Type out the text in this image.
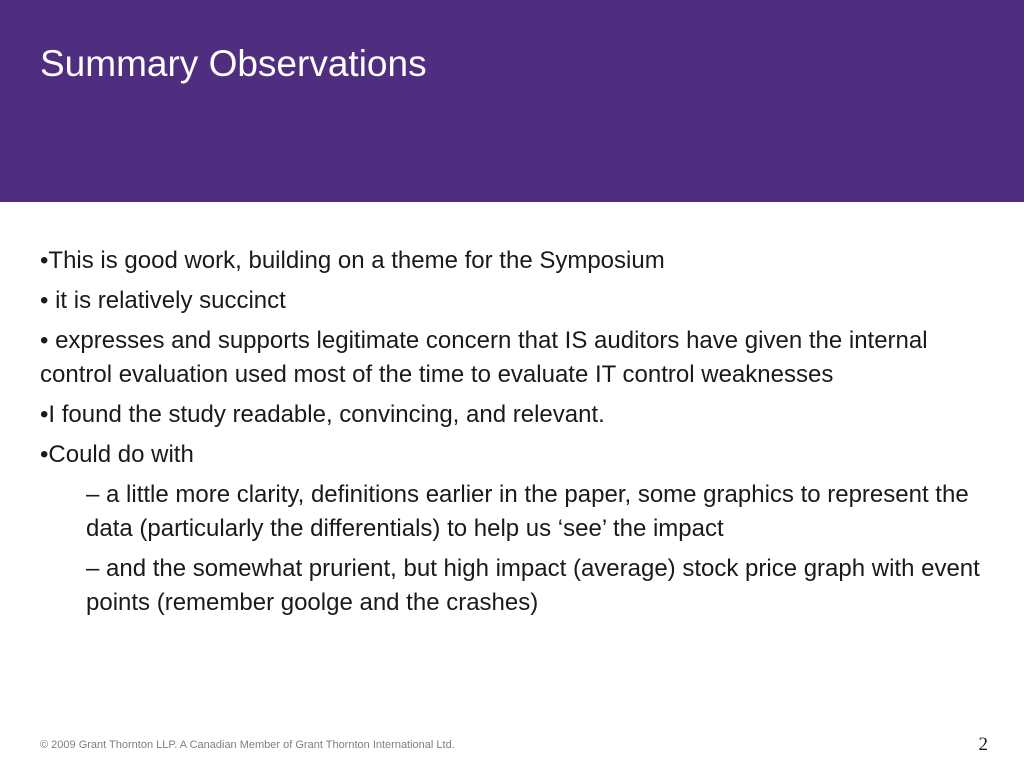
Summary Observations
•This is good work, building on a theme for the Symposium
• it is relatively succinct
• expresses and supports legitimate concern that IS auditors have given the internal control evaluation used most of the time to evaluate IT control weaknesses
•I found the study readable, convincing, and relevant.
•Could do with
– a little more clarity, definitions earlier in the paper, some graphics to represent the data (particularly the differentials) to help us ‘see’ the impact
– and the somewhat prurient, but high impact (average) stock price graph with event points (remember goolge and the crashes)
© 2009 Grant Thornton LLP. A Canadian Member of Grant Thornton International Ltd.	2
